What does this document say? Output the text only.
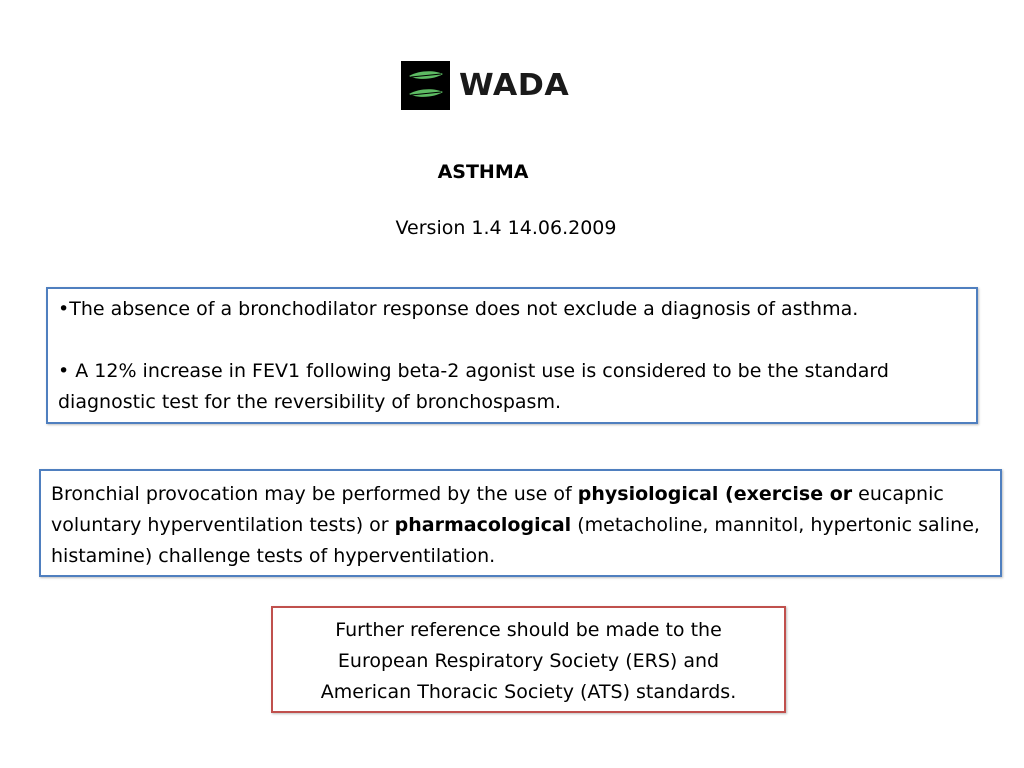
WADA
ASTHMA
Version 1.4 14.06.2009

•The absence of a bronchodilator response does not exclude a diagnosis of asthma.

• A 12% increase in FEV1 following beta-2 agonist use is considered to be the standard diagnostic test for the reversibility of bronchospasm.

Bronchial provocation may be performed by the use of physiological (exercise or eucapnic voluntary hyperventilation tests) or pharmacological (metacholine, mannitol, hypertonic saline, histamine) challenge tests of hyperventilation.
Further reference should be made to the
European Respiratory Society (ERS) and
American Thoracic Society (ATS) standards.
